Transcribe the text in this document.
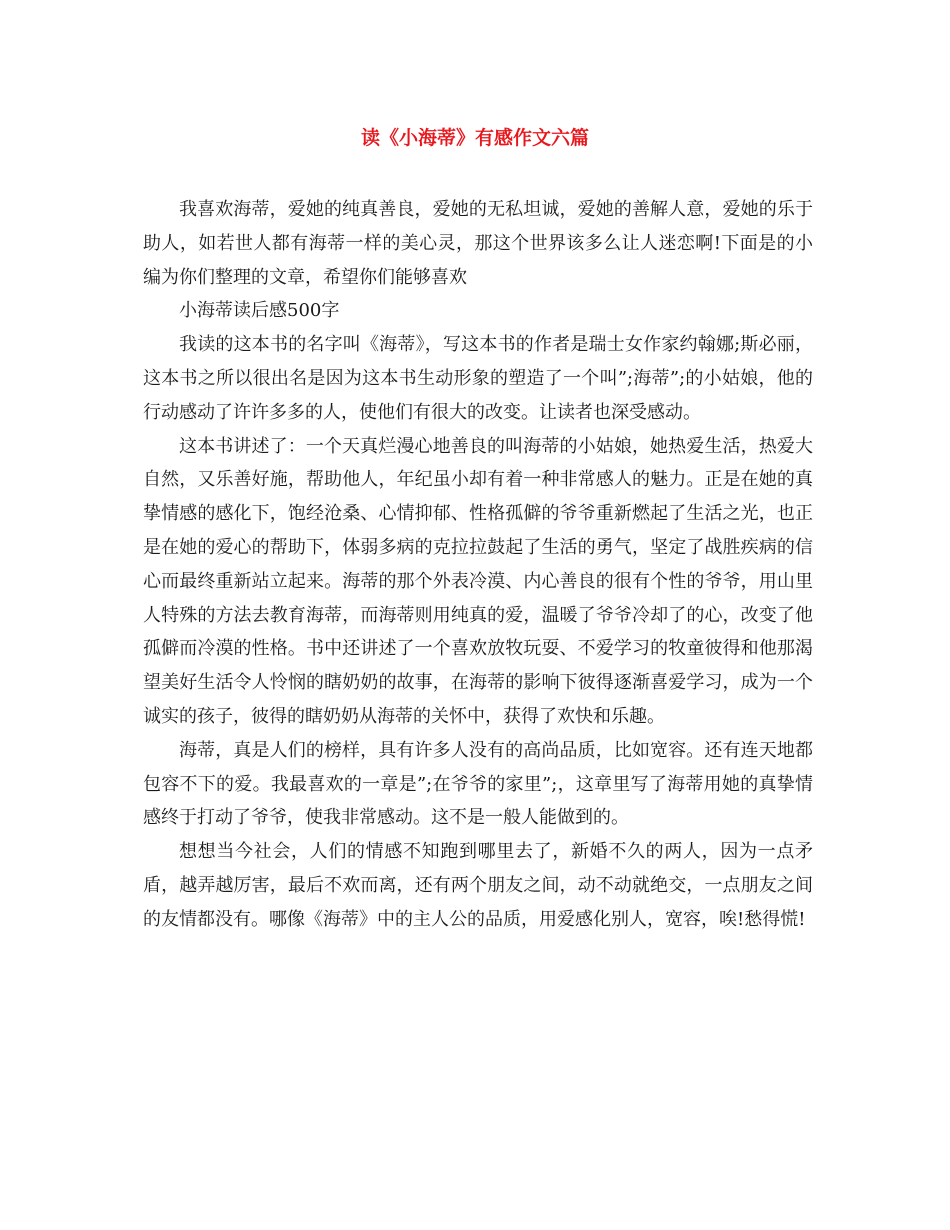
读《小海蒂》有感作文六篇

我喜欢海蒂，爱她的纯真善良，爱她的无私坦诚，爱她的善解人意，爱她的乐于助人，如若世人都有海蒂一样的美心灵，那这个世界该多么让人迷恋啊!下面是的小编为你们整理的文章，希望你们能够喜欢

小海蒂读后感500字

我读的这本书的名字叫《海蒂》，写这本书的作者是瑞士女作家约翰娜;斯必丽，这本书之所以很出名是因为这本书生动形象的塑造了一个叫”;海蒂”;的小姑娘，他的行动感动了许许多多的人，使他们有很大的改变。让读者也深受感动。

这本书讲述了：一个天真烂漫心地善良的叫海蒂的小姑娘，她热爱生活，热爱大自然，又乐善好施，帮助他人，年纪虽小却有着一种非常感人的魅力。正是在她的真挚情感的感化下，饱经沧桑、心情抑郁、性格孤僻的爷爷重新燃起了生活之光，也正是在她的爱心的帮助下，体弱多病的克拉拉鼓起了生活的勇气，坚定了战胜疾病的信心而最终重新站立起来。海蒂的那个外表冷漠、内心善良的很有个性的爷爷，用山里人特殊的方法去教育海蒂，而海蒂则用纯真的爱，温暖了爷爷冷却了的心，改变了他孤僻而冷漠的性格。书中还讲述了一个喜欢放牧玩耍、不爱学习的牧童彼得和他那渴望美好生活令人怜悯的瞎奶奶的故事，在海蒂的影响下彼得逐渐喜爱学习，成为一个诚实的孩子，彼得的瞎奶奶从海蒂的关怀中，获得了欢快和乐趣。

海蒂，真是人们的榜样，具有许多人没有的高尚品质，比如宽容。还有连天地都包容不下的爱。我最喜欢的一章是”;在爷爷的家里”;，这章里写了海蒂用她的真挚情感终于打动了爷爷，使我非常感动。这不是一般人能做到的。

想想当今社会，人们的情感不知跑到哪里去了，新婚不久的两人，因为一点矛盾，越弄越厉害，最后不欢而离，还有两个朋友之间，动不动就绝交，一点朋友之间的友情都没有。哪像《海蒂》中的主人公的品质，用爱感化别人，宽容，唉!愁得慌!
